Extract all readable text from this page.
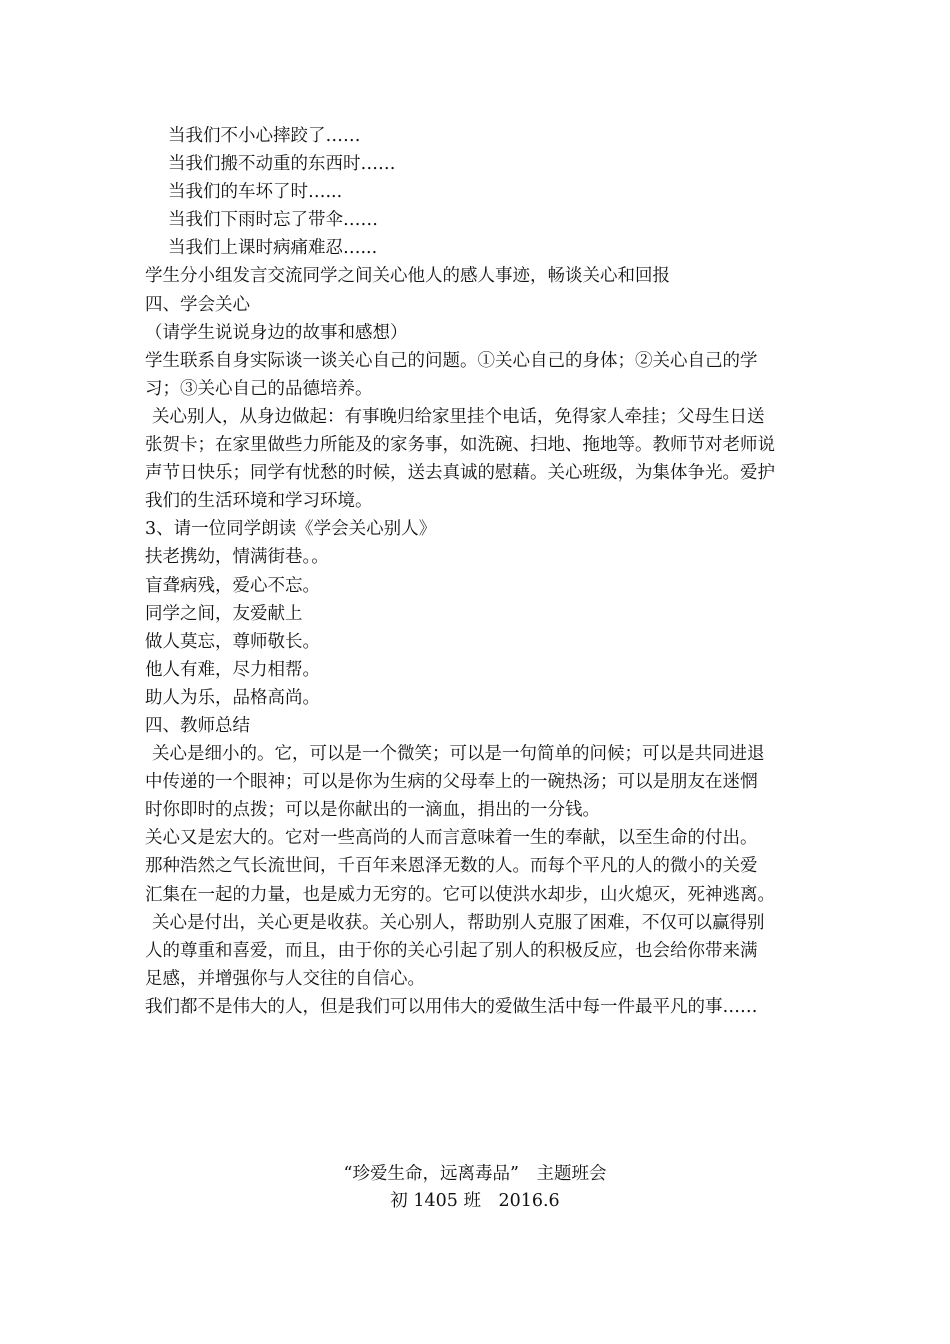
当我们不小心摔跤了……
当我们搬不动重的东西时……
当我们的车坏了时…...
当我们下雨时忘了带伞……
当我们上课时病痛难忍…...
学生分小组发言交流同学之间关心他人的感人事迹，畅谈关心和回报
四、学会关心
（请学生说说身边的故事和感想）
学生联系自身实际谈一谈关心自己的问题。①关心自己的身体；②关心自己的学
习；③关心自己的品德培养。
关心别人，从身边做起：有事晚归给家里挂个电话，免得家人牵挂；父母生日送
张贺卡；在家里做些力所能及的家务事，如洗碗、扫地、拖地等。教师节对老师说
声节日快乐；同学有忧愁的时候，送去真诚的慰藉。关心班级，为集体争光。爱护
我们的生活环境和学习环境。
3、请一位同学朗读《学会关心别人》
扶老携幼，情满街巷。。
盲聋病残，爱心不忘。
同学之间，友爱献上
做人莫忘，尊师敬长。
他人有难，尽力相帮。
助人为乐，品格高尚。
四、教师总结
关心是细小的。它，可以是一个微笑；可以是一句简单的问候；可以是共同进退
中传递的一个眼神；可以是你为生病的父母奉上的一碗热汤；可以是朋友在迷惘
时你即时的点拨；可以是你献出的一滴血，捐出的一分钱。
关心又是宏大的。它对一些高尚的人而言意味着一生的奉献，以至生命的付出。
那种浩然之气长流世间，千百年来恩泽无数的人。而每个平凡的人的微小的关爱
汇集在一起的力量，也是威力无穷的。它可以使洪水却步，山火熄灭，死神逃离。
关心是付出，关心更是收获。关心别人，帮助别人克服了困难，不仅可以赢得别
人的尊重和喜爱，而且，由于你的关心引起了别人的积极反应，也会给你带来满
足感，并增强你与人交往的自信心。
我们都不是伟大的人，但是我们可以用伟大的爱做生活中每一件最平凡的事……
“珍爱生命，远离毒品”　主题班会
初 1405 班　2016.6
